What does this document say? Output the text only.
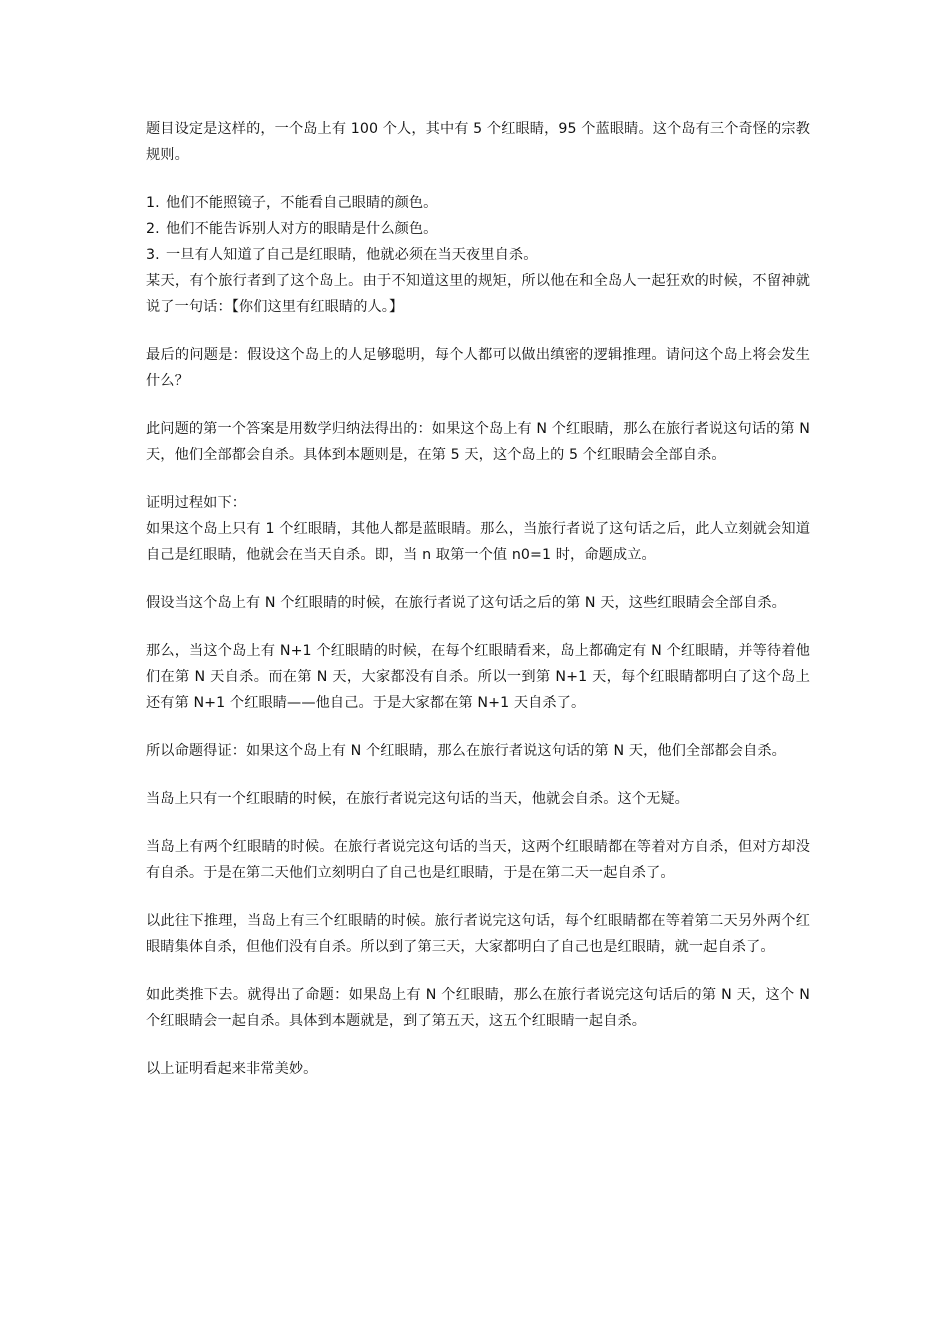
题目设定是这样的，一个岛上有 100 个人，其中有 5 个红眼睛，95 个蓝眼睛。这个岛有三个奇怪的宗教规则。

1. 他们不能照镜子，不能看自己眼睛的颜色。

2. 他们不能告诉别人对方的眼睛是什么颜色。

3. 一旦有人知道了自己是红眼睛，他就必须在当天夜里自杀。

某天，有个旅行者到了这个岛上。由于不知道这里的规矩，所以他在和全岛人一起狂欢的时候，不留神就说了一句话：【你们这里有红眼睛的人。】

最后的问题是：假设这个岛上的人足够聪明，每个人都可以做出缜密的逻辑推理。请问这个岛上将会发生什么？

此问题的第一个答案是用数学归纳法得出的：如果这个岛上有 N 个红眼睛，那么在旅行者说这句话的第 N 天，他们全部都会自杀。具体到本题则是，在第 5 天，这个岛上的 5 个红眼睛会全部自杀。

证明过程如下：

如果这个岛上只有 1 个红眼睛，其他人都是蓝眼睛。那么，当旅行者说了这句话之后，此人立刻就会知道自己是红眼睛，他就会在当天自杀。即，当 n 取第一个值 n0=1 时，命题成立。

假设当这个岛上有 N 个红眼睛的时候，在旅行者说了这句话之后的第 N 天，这些红眼睛会全部自杀。

那么，当这个岛上有 N+1 个红眼睛的时候，在每个红眼睛看来，岛上都确定有 N 个红眼睛，并等待着他们在第 N 天自杀。而在第 N 天，大家都没有自杀。所以一到第 N+1 天，每个红眼睛都明白了这个岛上还有第 N+1 个红眼睛——他自己。于是大家都在第 N+1 天自杀了。

所以命题得证：如果这个岛上有 N 个红眼睛，那么在旅行者说这句话的第 N 天，他们全部都会自杀。

当岛上只有一个红眼睛的时候，在旅行者说完这句话的当天，他就会自杀。这个无疑。

当岛上有两个红眼睛的时候。在旅行者说完这句话的当天，这两个红眼睛都在等着对方自杀，但对方却没有自杀。于是在第二天他们立刻明白了自己也是红眼睛，于是在第二天一起自杀了。

以此往下推理，当岛上有三个红眼睛的时候。旅行者说完这句话，每个红眼睛都在等着第二天另外两个红眼睛集体自杀，但他们没有自杀。所以到了第三天，大家都明白了自己也是红眼睛，就一起自杀了。

如此类推下去。就得出了命题：如果岛上有 N 个红眼睛，那么在旅行者说完这句话后的第 N 天，这个 N 个红眼睛会一起自杀。具体到本题就是，到了第五天，这五个红眼睛一起自杀。

以上证明看起来非常美妙。
